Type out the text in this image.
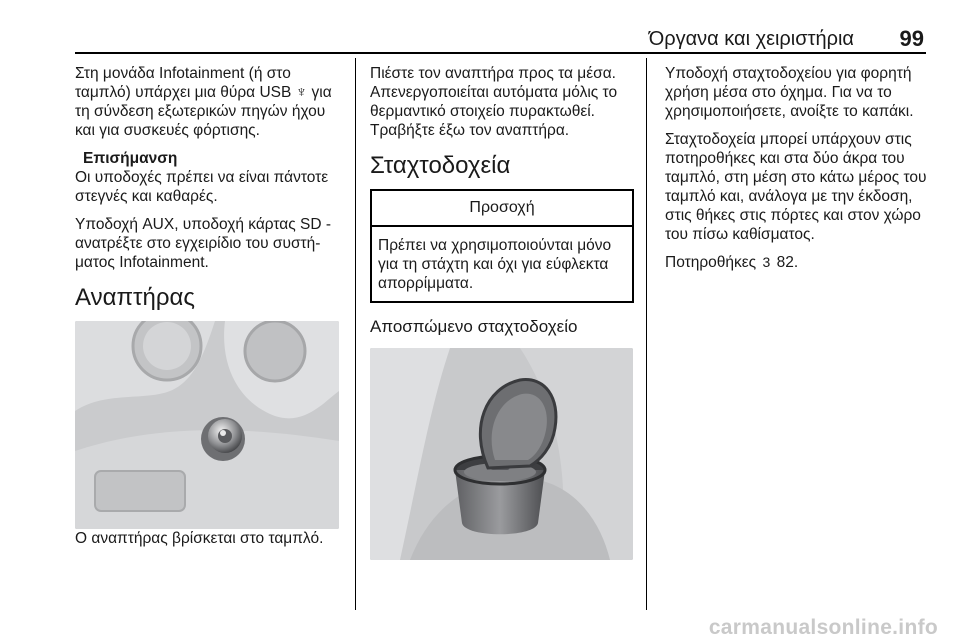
Όργανα και χειριστήρια 99

Στη μονάδα Infotainment (ή στο ταμπλό) υπάρχει μια θύρα USB ♆ για τη σύνδεση εξωτερικών πηγών ήχου και για συσκευές φόρτισης.

Επισήμανση

Οι υποδοχές πρέπει να είναι πάντοτε στεγνές και καθαρές.

Υποδοχή AUX, υποδοχή κάρτας SD - ανατρέξτε στο εγχειρίδιο του συστή-ματος Infotainment.

Αναπτήρας

Ο αναπτήρας βρίσκεται στο ταμπλό.

Πιέστε τον αναπτήρα προς τα μέσα. Απενεργοποιείται αυτόματα μόλις το θερμαντικό στοιχείο πυρακτωθεί. Τραβήξτε έξω τον αναπτήρα.

Σταχτοδοχεία
Προσοχή
Πρέπει να χρησιμοποιούνται μόνο για τη στάχτη και όχι για εύφλεκτα απορρίμματα.
Αποσπώμενο σταχτοδοχείο

Υποδοχή σταχτοδοχείου για φορητή χρήση μέσα στο όχημα. Για να το χρησιμοποιήσετε, ανοίξτε το καπάκι.

Σταχτοδοχεία μπορεί υπάρχουν στις ποτηροθήκες και στα δύο άκρα του ταμπλό, στη μέση στο κάτω μέρος του ταμπλό και, ανάλογα με την έκδοση, στις θήκες στις πόρτες και στον χώρο του πίσω καθίσματος.

Ποτηροθήκες 3 82.

carmanualsonline.info
